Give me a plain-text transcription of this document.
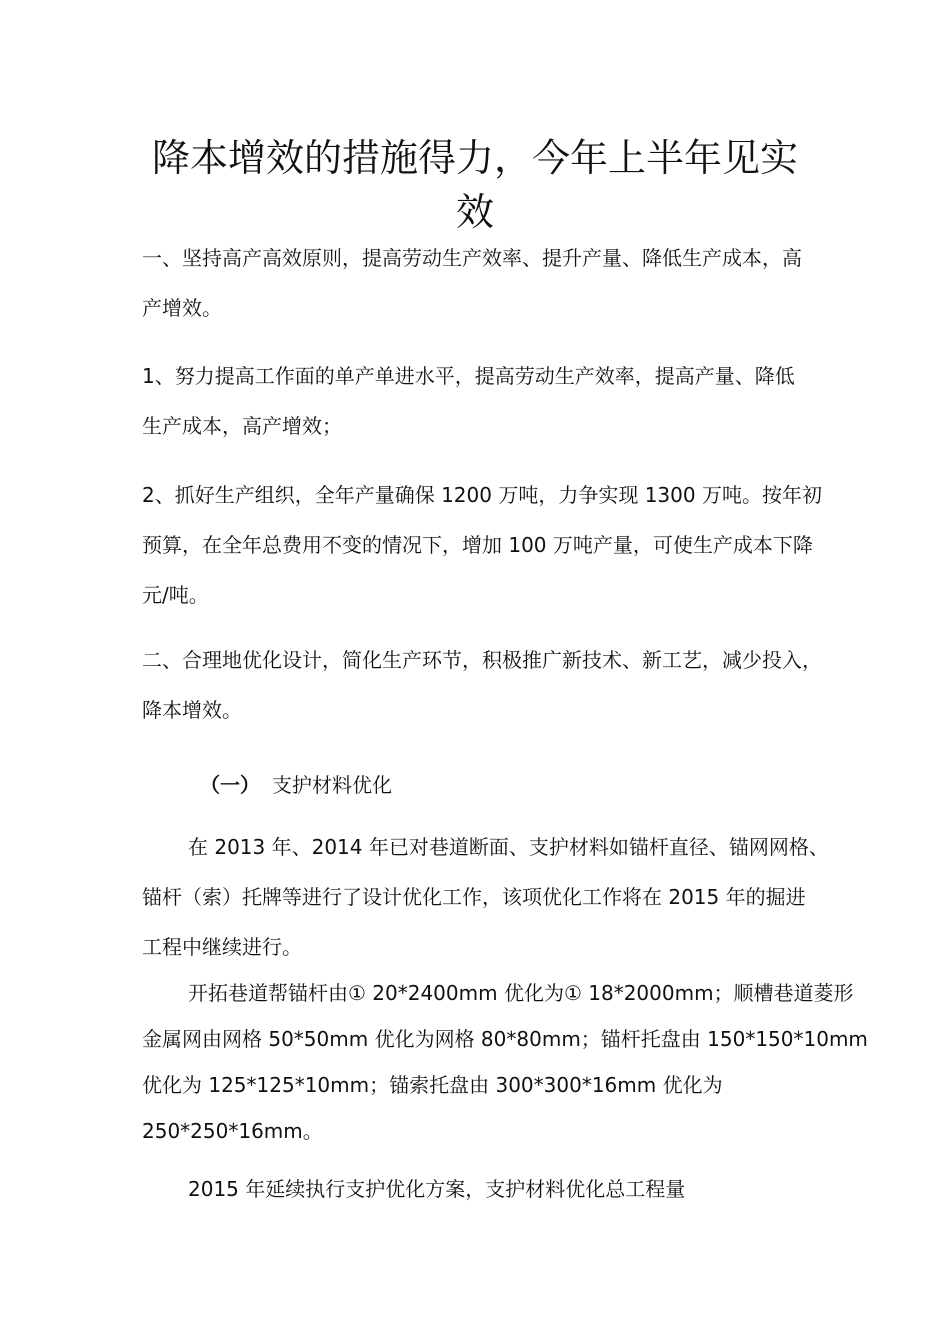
降本增效的措施得力，今年上半年见实
效

一、坚持高产高效原则，提高劳动生产效率、提升产量、降低生产成本，高
产增效。

1、努力提高工作面的单产单进水平，提高劳动生产效率，提高产量、降低
生产成本，高产增效；

2、抓好生产组织，全年产量确保 1200 万吨，力争实现 1300 万吨。按年初
预算，在全年总费用不变的情况下，增加 100 万吨产量，可使生产成本下降
元/吨。

二、合理地优化设计，简化生产环节，积极推广新技术、新工艺，减少投入，
降本增效。

（一） 支护材料优化

在 2013 年、2014 年已对巷道断面、支护材料如锚杆直径、锚网网格、
锚杆（索）托牌等进行了设计优化工作，该项优化工作将在 2015 年的掘进
工程中继续进行。

开拓巷道帮锚杆由① 20*2400mm 优化为① 18*2000mm；顺槽巷道菱形
金属网由网格 50*50mm 优化为网格 80*80mm；锚杆托盘由 150*150*10mm
优化为 125*125*10mm；锚索托盘由 300*300*16mm 优化为
250*250*16mm。

2015 年延续执行支护优化方案，支护材料优化总工程量
